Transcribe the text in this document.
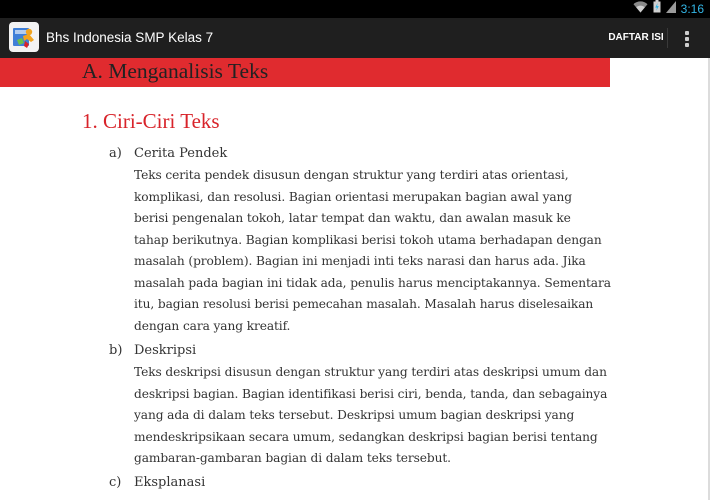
3:16
Bhs Indonesia SMP Kelas 7	DAFTAR ISI
A. Menganalisis Teks
1. Ciri-Ciri Teks
a) Cerita Pendek
Teks cerita pendek disusun dengan struktur yang terdiri atas orientasi,
komplikasi, dan resolusi. Bagian orientasi merupakan bagian awal yang
berisi pengenalan tokoh, latar tempat dan waktu, dan awalan masuk ke
tahap berikutnya. Bagian komplikasi berisi tokoh utama berhadapan dengan
masalah (problem). Bagian ini menjadi inti teks narasi dan harus ada. Jika
masalah pada bagian ini tidak ada, penulis harus menciptakannya. Sementara
itu, bagian resolusi berisi pemecahan masalah. Masalah harus diselesaikan
dengan cara yang kreatif.
b) Deskripsi
Teks deskripsi disusun dengan struktur yang terdiri atas deskripsi umum dan
deskripsi bagian. Bagian identifikasi berisi ciri, benda, tanda, dan sebagainya
yang ada di dalam teks tersebut. Deskripsi umum bagian deskripsi yang
mendeskripsikaan secara umum, sedangkan deskripsi bagian berisi tentang
gambaran-gambaran bagian di dalam teks tersebut.
c) Eksplanasi
